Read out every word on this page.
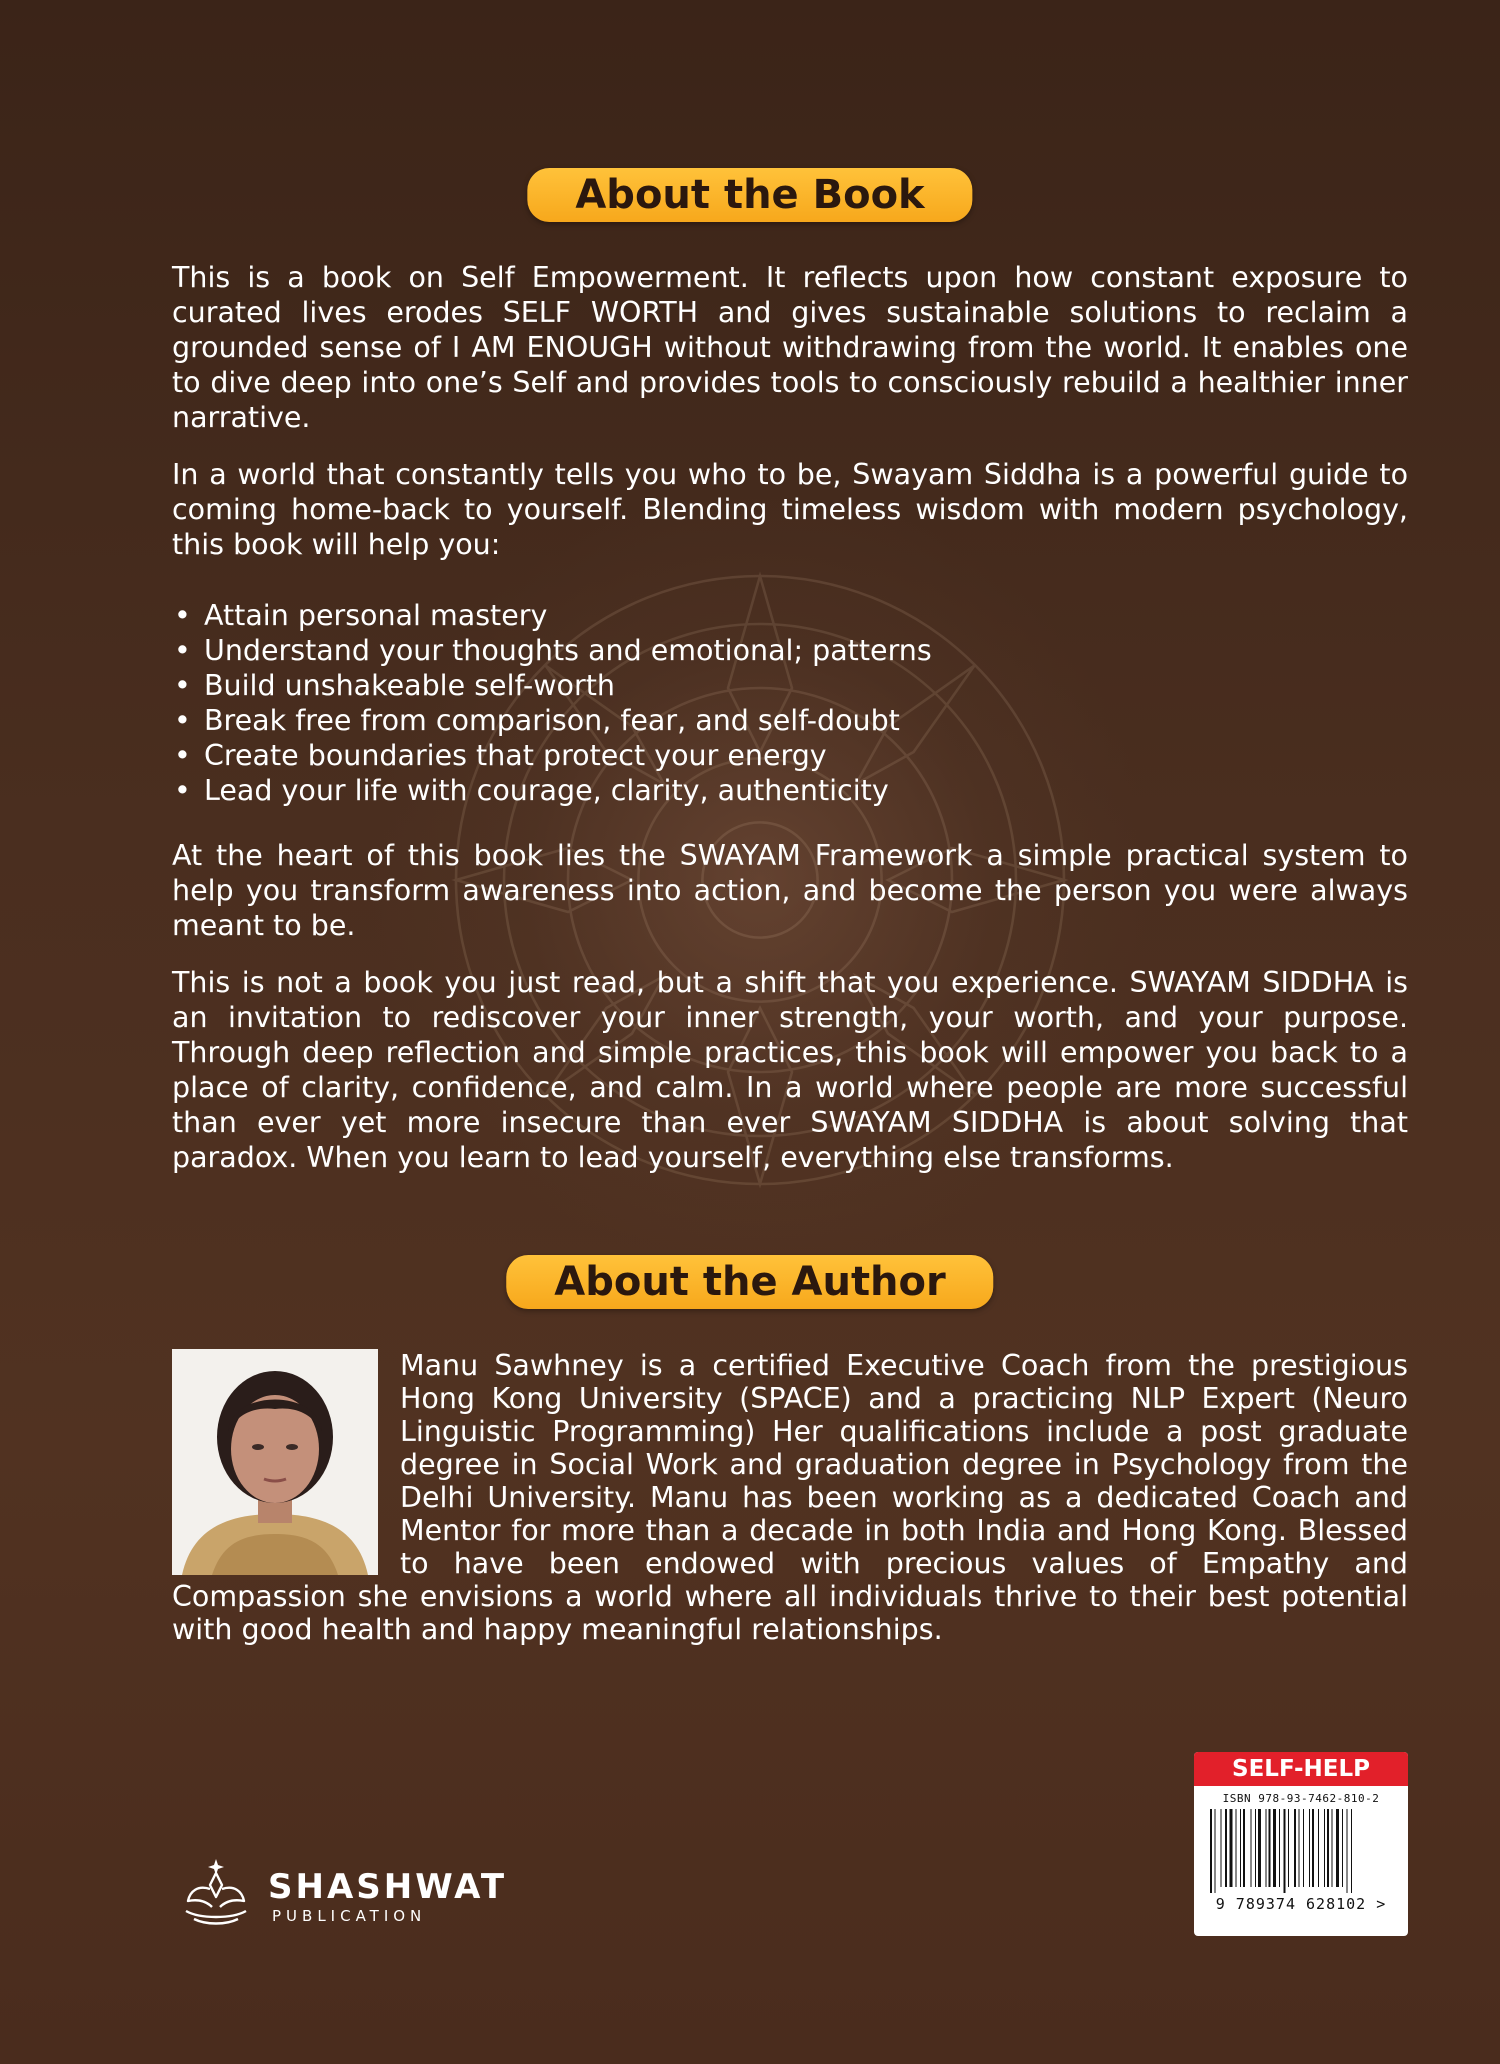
About the Book

This is a book on Self Empowerment. It reflects upon how constant exposure to curated lives erodes SELF WORTH and gives sustainable solutions to reclaim a grounded sense of I AM ENOUGH without withdrawing from the world. It enables one to dive deep into one’s Self and provides tools to consciously rebuild a healthier inner narrative.

In a world that constantly tells you who to be, Swayam Siddha is a powerful guide to coming home-back to yourself. Blending timeless wisdom with modern psychology, this book will help you:

• Attain personal mastery
• Understand your thoughts and emotional; patterns
• Build unshakeable self-worth
• Break free from comparison, fear, and self-doubt
• Create boundaries that protect your energy
• Lead your life with courage, clarity, authenticity

At the heart of this book lies the SWAYAM Framework a simple practical system to help you transform awareness into action, and become the person you were always meant to be.

This is not a book you just read, but a shift that you experience. SWAYAM SIDDHA is an invitation to rediscover your inner strength, your worth, and your purpose. Through deep reflection and simple practices, this book will empower you back to a place of clarity, confidence, and calm. In a world where people are more successful than ever yet more insecure than ever SWAYAM SIDDHA is about solving that paradox. When you learn to lead yourself, everything else transforms.

About the Author
Manu Sawhney is a certified Executive Coach from the prestigious Hong Kong University (SPACE) and a practicing NLP Expert (Neuro Linguistic Programming) Her qualifications include a post graduate degree in Social Work and graduation degree in Psychology from the Delhi University. Manu has been working as a dedicated Coach and Mentor for more than a decade in both India and Hong Kong. Blessed to have been endowed with precious values of Empathy and Compassion she envisions a world where all individuals thrive to their best potential with good health and happy meaningful relationships.
SHASHWAT
PUBLICATION
SELF-HELP
ISBN 978-93-7462-810-2
9 789374 628102 >
